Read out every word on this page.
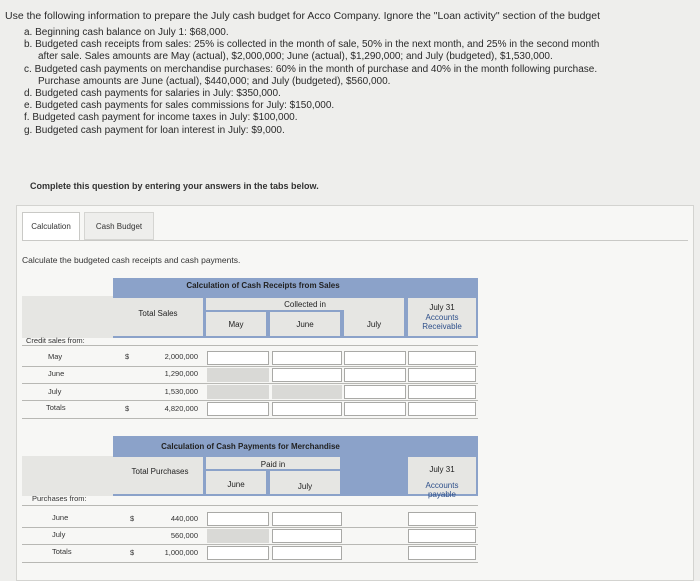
Use the following information to prepare the July cash budget for Acco Company. Ignore the "Loan activity" section of the budget
a. Beginning cash balance on July 1: $68,000.
b. Budgeted cash receipts from sales: 25% is collected in the month of sale, 50% in the next month, and 25% in the second month
after sale. Sales amounts are May (actual), $2,000,000; June (actual), $1,290,000; and July (budgeted), $1,530,000.
c. Budgeted cash payments on merchandise purchases: 60% in the month of purchase and 40% in the month following purchase.
Purchase amounts are June (actual), $440,000; and July (budgeted), $560,000.
d. Budgeted cash payments for salaries in July: $350,000.
e. Budgeted cash payments for sales commissions for July: $150,000.
f. Budgeted cash payment for income taxes in July: $100,000.
g. Budgeted cash payment for loan interest in July: $9,000.
Complete this question by entering your answers in the tabs below.
Calculation	Cash Budget
Calculate the budgeted cash receipts and cash payments.
Calculation of Cash Receipts from Sales
Total Sales
Collected in
May	June	July
July 31
Accounts
Receivable
Credit sales from:
May	$	2,000,000
June	1,290,000
July	1,530,000
Totals	$	4,820,000
Calculation of Cash Payments for Merchandise
Total Purchases
Paid in
June	July
July 31
Accounts
payable
Purchases from:
June	$	440,000
July	560,000
Totals	$	1,000,000
